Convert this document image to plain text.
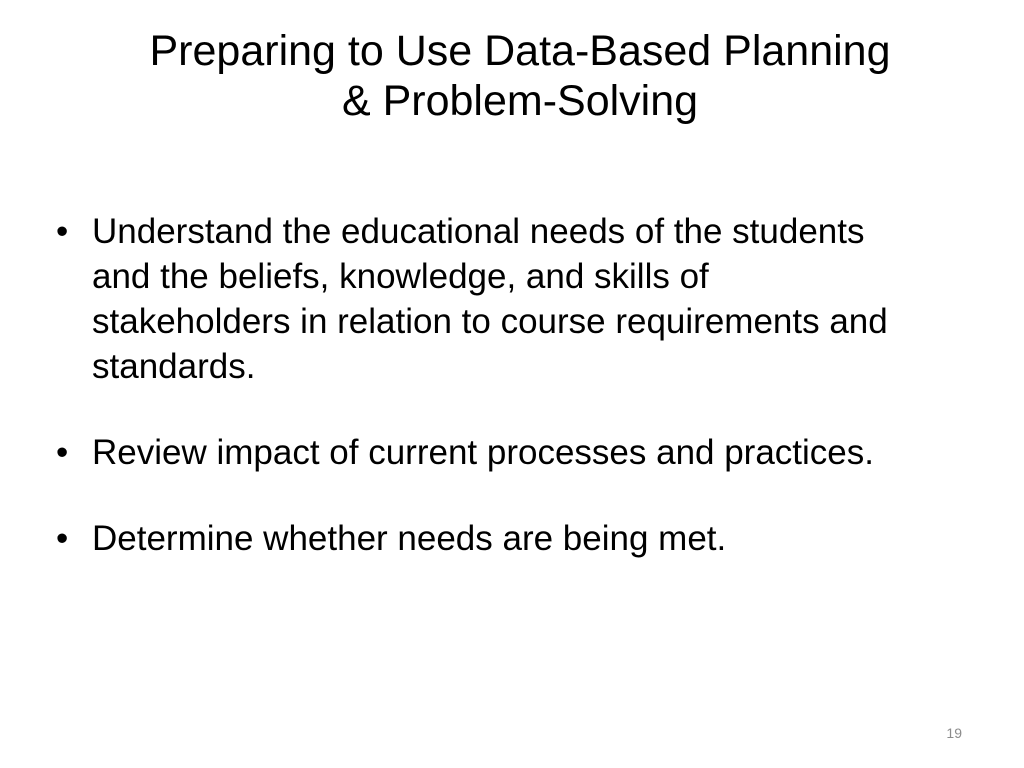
Preparing to Use Data-Based Planning
& Problem-Solving
• Understand the educational needs of the students and the beliefs, knowledge, and skills of stakeholders in relation to course requirements and standards.
• Review impact of current processes and practices.
• Determine whether needs are being met.
19
